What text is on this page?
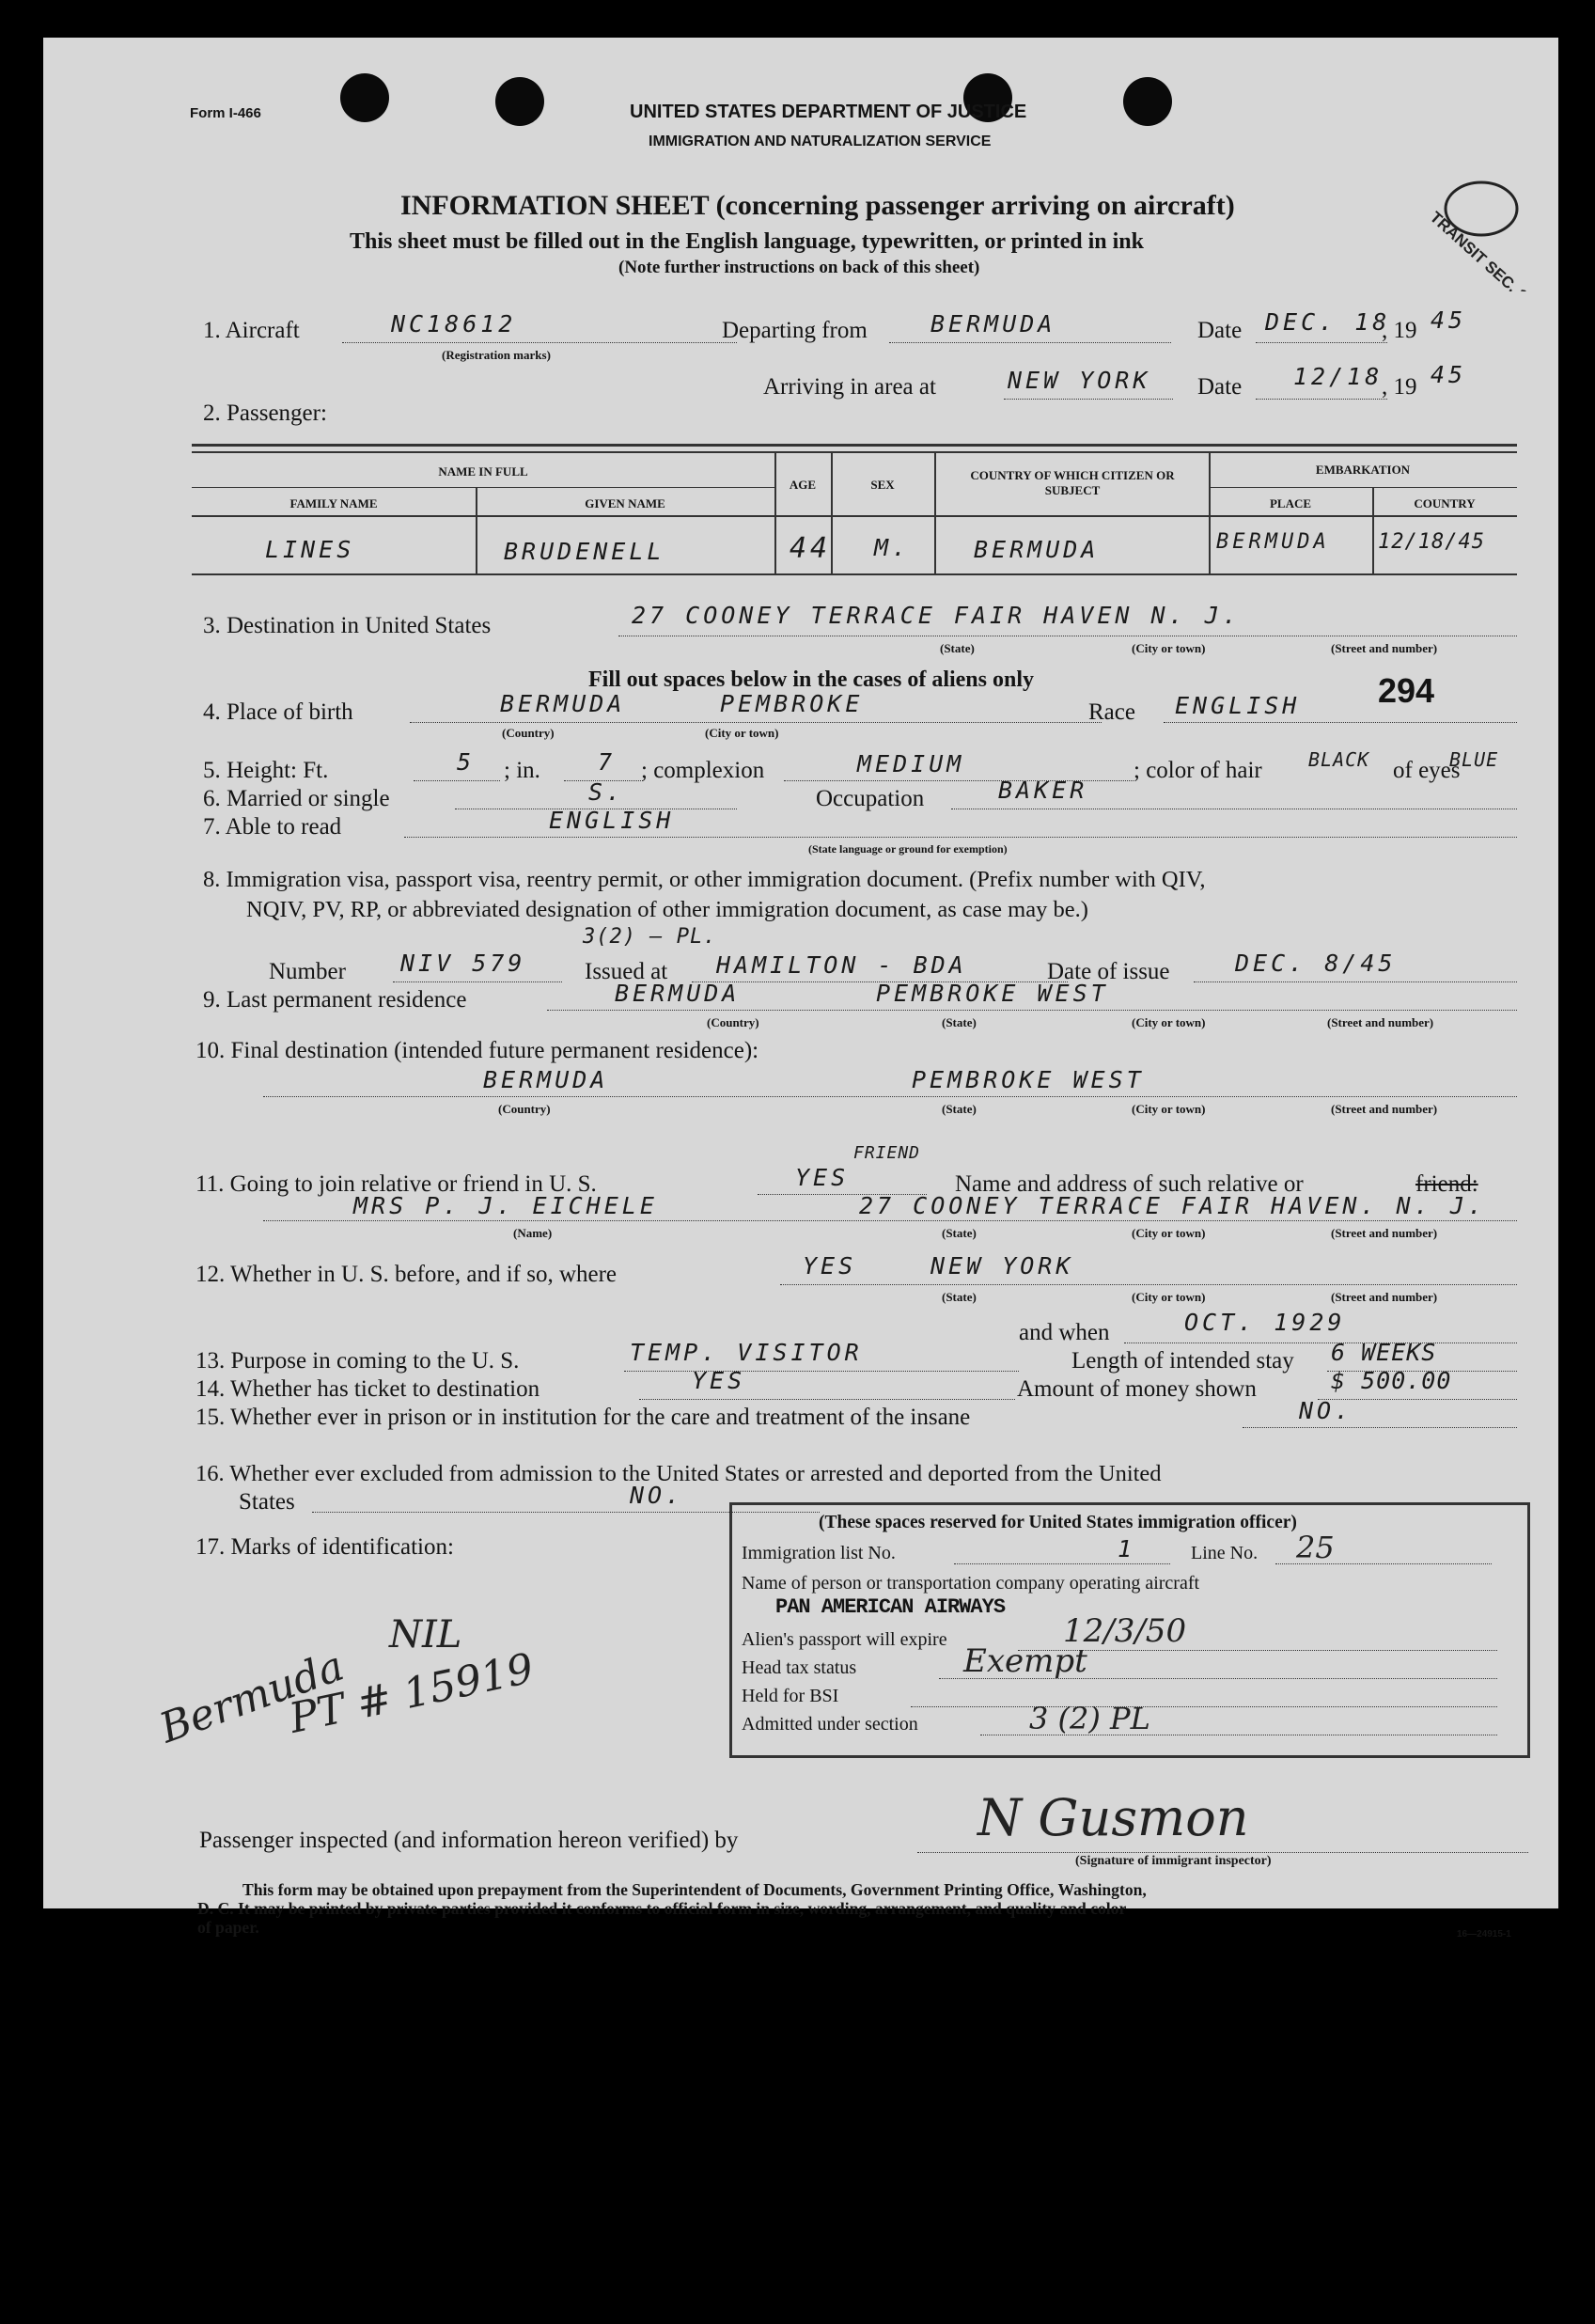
Form I-466	UNITED STATES DEPARTMENT OF JUSTICE
IMMIGRATION AND NATURALIZATION SERVICE
INFORMATION SHEET (concerning passenger arriving on aircraft)
This sheet must be filled out in the English language, typewritten, or printed in ink
(Note further instructions on back of this sheet)	TRANSIT SEC.
1. Aircraft	NC18612
(Registration marks)
Departing from	BERMUDA	Date DEC. 18
, 19 45
Arriving in area at	NEW YORK Date 12/18
, 19 45
2. Passenger:
NAME IN FULL
FAMILY NAME	GIVEN NAME
AGE	SEX
COUNTRY OF WHICH CITIZEN OR SUBJECT
EMBARKATION
PLACE	COUNTRY
LINES	BRUDENELL	44 M.	BERMUDA	BERMUDA 12/18/45
3. Destination in United States	27 COONEY TERRACE FAIR HAVEN N. J.
(State)	(City or town)	(Street and number)
Fill out spaces below in the cases of aliens only	294
4. Place of birth	BERMUDA	PEMBROKE
(Country)	(City or town)
Race ENGLISH
5. Height: Ft.	5 ; in. 7 ; complexion	MEDIUM	; color of hair BLACK of eyes
BLUE
6. Married or single	S.	Occupation	BAKER
7. Able to read	ENGLISH
(State language or ground for exemption)
8. Immigration visa, passport visa, reentry permit, or other immigration document. (Prefix number with QIV,
NQIV, PV, RP, or abbreviated designation of other immigration document, as case may be.)
3(2) — PL.
Number NIV 579	Issued at HAMILTON - BDA	Date of issue	DEC. 8/45
9. Last permanent residence	BERMUDA	PEMBROKE WEST
(Country)	(State)	(City or town)	(Street and number)
10. Final destination (intended future permanent residence):
BERMUDA	PEMBROKE WEST
(Country)	(State)	(City or town)	(Street and number)
11. Going to join relative or friend in U. S.	YES
FRIEND
Name and address of such relative or	friend:
MRS P. J. EICHELE	27 COONEY TERRACE FAIR HAVEN. N. J.
(Name)	(State)	(City or town)	(Street and number)
12. Whether in U. S. before, and if so, where	YES	NEW YORK
(State)	(City or town)	(Street and number)
and when	OCT. 1929
13. Purpose in coming to the U. S.	TEMP. VISITOR	Length of intended stay 6 WEEKS
14. Whether has ticket to destination	YES	Amount of money shown	$ 500.00
15. Whether ever in prison or in institution for the care and treatment of the insane	NO.
16. Whether ever excluded from admission to the United States or arrested and deported from the United
States	NO.
17. Marks of identification:
Bermuda
NIL
PT # 15919
(These spaces reserved for United States immigration officer)
Immigration list No.	1	Line No. 25
Name of person or transportation company operating aircraft
PAN AMERICAN AIRWAYS
Alien's passport will expire	12/3/50
Head tax status	Exempt
Held for BSI
Admitted under section	3 (2) PL
Passenger inspected (and information hereon verified) by	N Gusmon
(Signature of immigrant inspector)
This form may be obtained upon prepayment from the Superintendent of Documents, Government Printing Office, Washington,
D. C. It may be printed by private parties provided it conforms to official form in size, wording, arrangement, and quality and color
of paper.	16—24915-1
